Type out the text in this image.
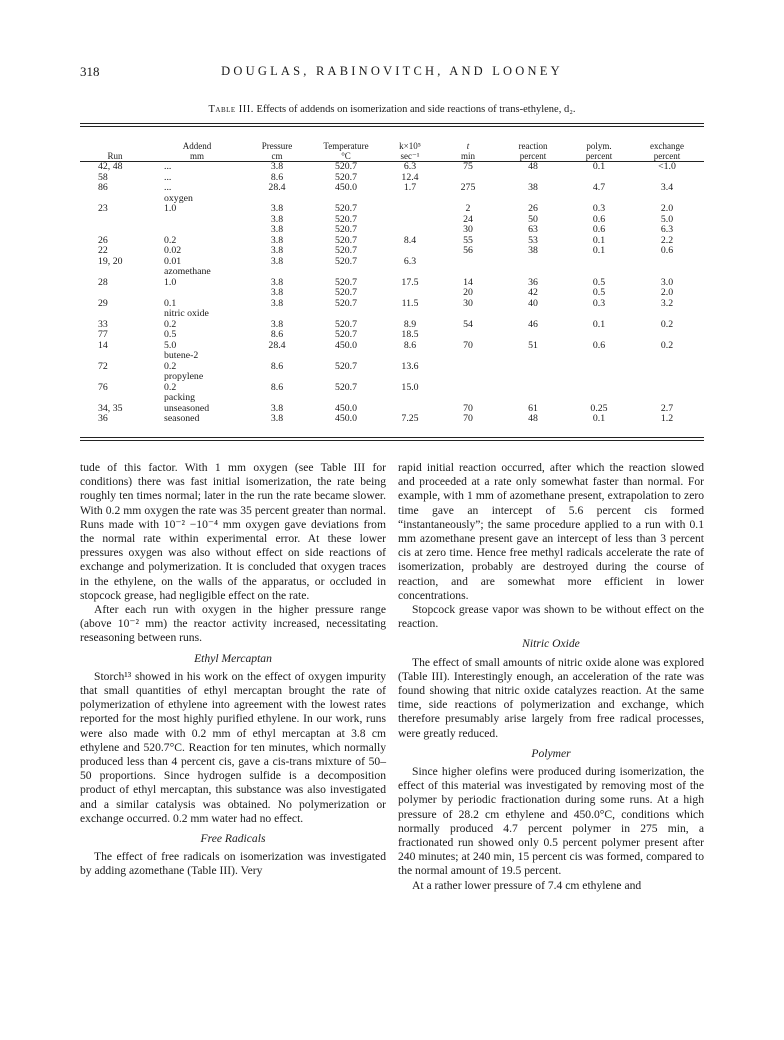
318	DOUGLAS, RABINOVITCH, AND LOONEY
Table III. Effects of addends on isomerization and side reactions of trans-ethylene, d₂.
	Addend	Pressure	Temperature	k×10⁵	t	reaction	polym.	exchange
Run	mm	cm	°C	sec⁻¹	min	percent	percent	percent
42, 48	...	3.8	520.7	6.3	75	48	0.1	<1.0
58	...	8.6	520.7	12.4				
86	...	28.4	450.0	1.7	275	38	4.7	3.4
	oxygen							
23	1.0	3.8	520.7		2	26	0.3	2.0
		3.8	520.7		24	50	0.6	5.0
		3.8	520.7		30	63	0.6	6.3
26	0.2	3.8	520.7	8.4	55	53	0.1	2.2
22	0.02	3.8	520.7		56	38	0.1	0.6
19, 20	0.01	3.8	520.7	6.3				
	azomethane							
28	1.0	3.8	520.7	17.5	14	36	0.5	3.0
		3.8	520.7		20	42	0.5	2.0
29	0.1	3.8	520.7	11.5	30	40	0.3	3.2
	nitric oxide							
33	0.2	3.8	520.7	8.9	54	46	0.1	0.2
77	0.5	8.6	520.7	18.5				
14	5.0	28.4	450.0	8.6	70	51	0.6	0.2
	butene-2							
72	0.2	8.6	520.7	13.6				
	propylene							
76	0.2	8.6	520.7	15.0				
	packing							
34, 35	unseasoned	3.8	450.0		70	61	0.25	2.7
36	seasoned	3.8	450.0	7.25	70	48	0.1	1.2

tude of this factor. With 1 mm oxygen (see Table III for conditions) there was fast initial isomerization, the rate being roughly ten times normal; later in the run the rate became slower. With 0.2 mm oxygen the rate was 35 percent greater than normal. Runs made with 10⁻² −10⁻⁴ mm oxygen gave deviations from the normal rate within experimental error. At these lower pressures oxygen was also without effect on side reactions of exchange and polymerization. It is concluded that oxygen traces in the ethylene, on the walls of the apparatus, or occluded in stopcock grease, had negligible effect on the rate.

After each run with oxygen in the higher pressure range (above 10⁻² mm) the reactor activity increased, necessitating reseasoning between runs.

Ethyl Mercaptan

Storch¹³ showed in his work on the effect of oxygen impurity that small quantities of ethyl mercaptan brought the rate of polymerization of ethylene into agreement with the lowest rates reported for the most highly purified ethylene. In our work, runs were also made with 0.2 mm of ethyl mercaptan at 3.8 cm ethylene and 520.7°C. Reaction for ten minutes, which normally produced less than 4 percent cis, gave a cis-trans mixture of 50–50 proportions. Since hydrogen sulfide is a decomposition product of ethyl mercaptan, this substance was also investigated and a similar catalysis was obtained. No polymerization or exchange occurred. 0.2 mm water had no effect.

Free Radicals

The effect of free radicals on isomerization was investigated by adding azomethane (Table III). Very

rapid initial reaction occurred, after which the reaction slowed and proceeded at a rate only somewhat faster than normal. For example, with 1 mm of azomethane present, extrapolation to zero time gave an intercept of 5.6 percent cis formed “instantaneously”; the same procedure applied to a run with 0.1 mm azomethane present gave an intercept of less than 3 percent cis at zero time. Hence free methyl radicals accelerate the rate of isomerization, probably are destroyed during the course of reaction, and are somewhat more efficient in lower concentrations.

Stopcock grease vapor was shown to be without effect on the reaction.

Nitric Oxide

The effect of small amounts of nitric oxide alone was explored (Table III). Interestingly enough, an acceleration of the rate was found showing that nitric oxide catalyzes reaction. At the same time, side reactions of polymerization and exchange, which therefore presumably arise largely from free radical processes, were greatly reduced.

Polymer

Since higher olefins were produced during isomerization, the effect of this material was investigated by removing most of the polymer by periodic fractionation during some runs. At a high pressure of 28.2 cm ethylene and 450.0°C, conditions which normally produced 4.7 percent polymer in 275 min, a fractionated run showed only 0.5 percent polymer present after 240 minutes; at 240 min, 15 percent cis was formed, compared to the normal amount of 19.5 percent.

At a rather lower pressure of 7.4 cm ethylene and
